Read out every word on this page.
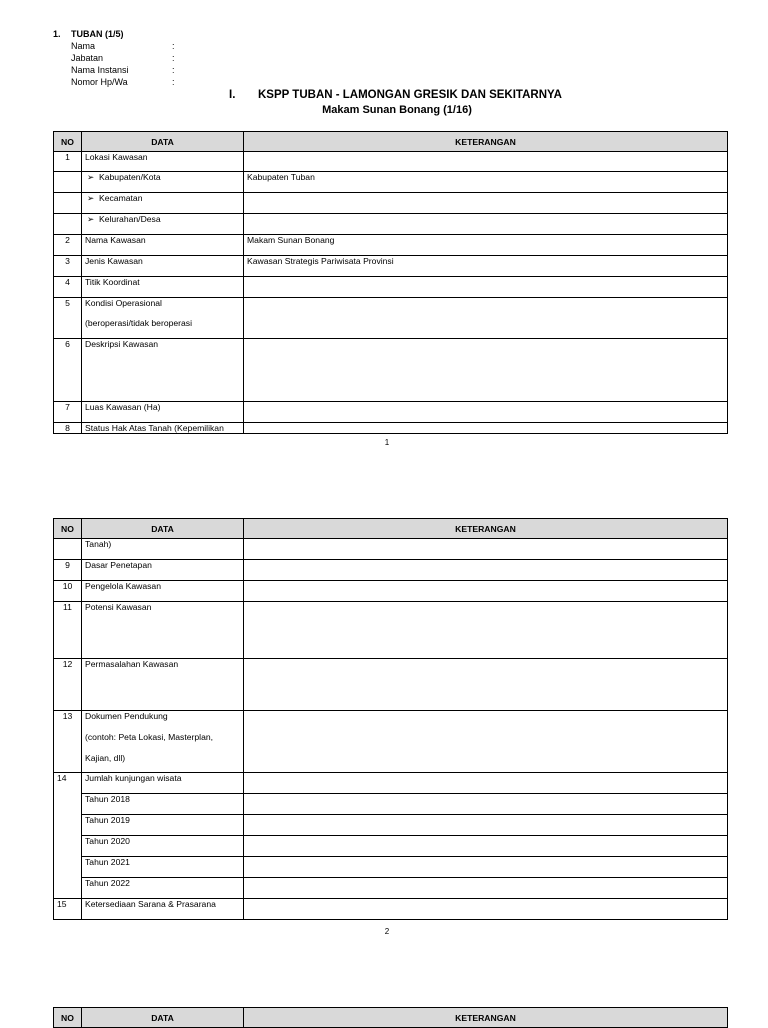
1. TUBAN (1/5)
Nama	:
Jabatan	:
Nama Instansi	:
Nomor Hp/Wa	:
I. KSPP TUBAN - LAMONGAN GRESIK DAN SEKITARNYA
Makam Sunan Bonang (1/16)
NO	DATA	KETERANGAN
1	Lokasi Kawasan	
	➢ Kabupaten/Kota	Kabupaten Tuban
	➢ Kecamatan	
	➢ Kelurahan/Desa	
2	Nama Kawasan	Makam Sunan Bonang
3	Jenis Kawasan	Kawasan Strategis Pariwisata Provinsi
4	Titik Koordinat	
5	Kondisi Operasional
(beroperasi/tidak beroperasi	

6	Deskripsi Kawasan	
7	Luas Kawasan (Ha)	
8	Status Hak Atas Tanah (Kepemilikan	
1
NO	DATA	KETERANGAN
	Tanah)	
9	Dasar Penetapan	
10	Pengelola Kawasan	
11	Potensi Kawasan	
12	Permasalahan Kawasan	
13	Dokumen Pendukung
(contoh: Peta Lokasi, Masterplan,
Kajian, dll)	

14	Jumlah kunjungan wisata	
	Tahun 2018	
	Tahun 2019	
	Tahun 2020	
	Tahun 2021	
	Tahun 2022	
15	Ketersediaan Sarana & Prasarana	
2
NO	DATA	KETERANGAN
